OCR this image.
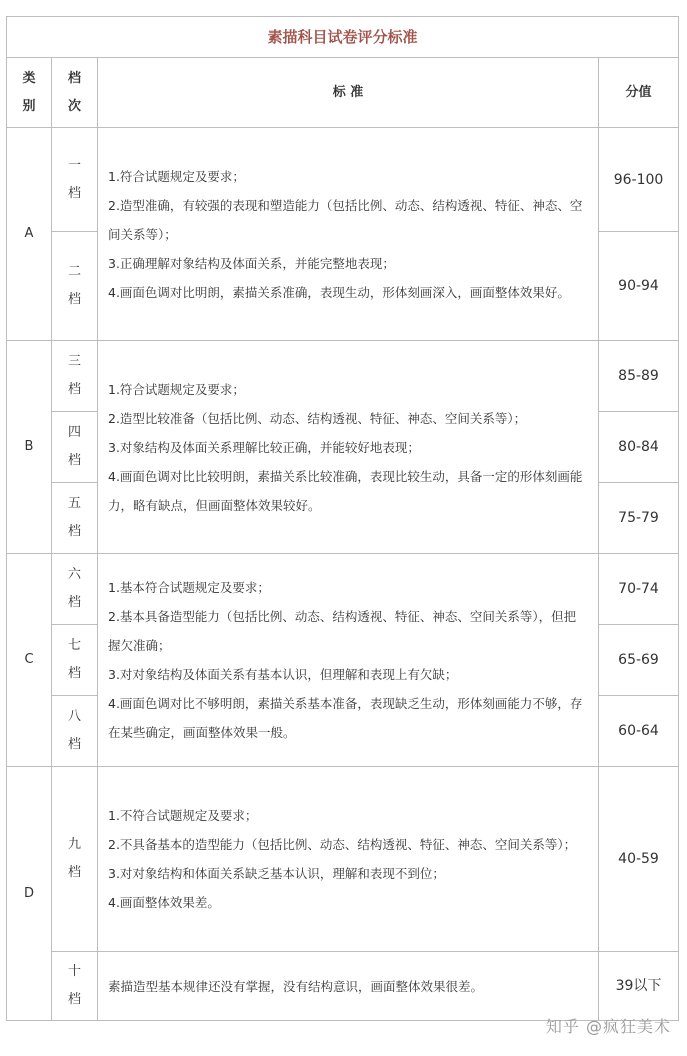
素描科目试卷评分标准			
类别	档次	标 准	分值
A	一档	1.符合试题规定及要求；

2.造型准确，有较强的表现和塑造能力（包括比例、动态、结构透视、特征、神态、空间关系等）；

3.正确理解对象结构及体面关系，并能完整地表现；

4.画面色调对比明朗，素描关系准确，表现生动，形体刻画深入，画面整体效果好。	96-100
	二档		90-94
B	三档	1.符合试题规定及要求；

2.造型比较准备（包括比例、动态、结构透视、特征、神态、空间关系等）；

3.对象结构及体面关系理解比较正确，并能较好地表现；

4.画面色调对比比较明朗，素描关系比较准确，表现比较生动，具备一定的形体刻画能力，略有缺点，但画面整体效果较好。	85-89
	四档		80-84
	五档		75-79
C	六档	1.基本符合试题规定及要求；

2.基本具备造型能力（包括比例、动态、结构透视、特征、神态、空间关系等），但把握欠准确；

3.对对象结构及体面关系有基本认识，但理解和表现上有欠缺；

4.画面色调对比不够明朗，素描关系基本准备，表现缺乏生动，形体刻画能力不够，存在某些确定，画面整体效果一般。	70-74
	七档		65-69
	八档		60-64
D	九档	1.不符合试题规定及要求；

2.不具备基本的造型能力（包括比例、动态、结构透视、特征、神态、空间关系等）；

3.对对象结构和体面关系缺乏基本认识，理解和表现不到位；

4.画面整体效果差。	40-59
	十档	素描造型基本规律还没有掌握，没有结构意识，画面整体效果很差。	39以下
知乎 @疯狂美术
